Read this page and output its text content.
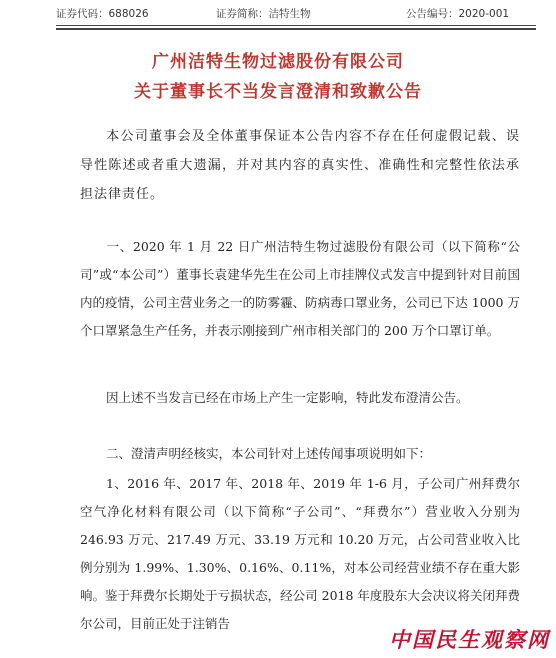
证券代码：688026	证券简称：洁特生物	公告编号：2020-001
广州洁特生物过滤股份有限公司
关于董事长不当发言澄清和致歉公告
本公司董事会及全体董事保证本公告内容不存在任何虚假记载、误导性陈述或者重大遗漏，并对其内容的真实性、准确性和完整性依法承担法律责任。
一、2020 年 1 月 22 日广州洁特生物过滤股份有限公司（以下简称“公司”或“本公司”）董事长袁建华先生在公司上市挂牌仪式发言中提到针对目前国内的疫情，公司主营业务之一的防雾霾、防病毒口罩业务，公司已下达 1000 万个口罩紧急生产任务，并表示刚接到广州市相关部门的 200 万个口罩订单。
因上述不当发言已经在市场上产生一定影响，特此发布澄清公告。
二、澄清声明经核实，本公司针对上述传闻事项说明如下：
1、2016 年、2017 年、2018 年、2019 年 1-6 月，子公司广州拜费尔空气净化材料有限公司（以下简称“子公司”、“拜费尔”）营业收入分别为 246.93 万元、217.49 万元、33.19 万元和 10.20 万元，占公司营业收入比例分别为 1.99%、1.30%、0.16%、0.11%，对本公司经营业绩不存在重大影响。鉴于拜费尔长期处于亏损状态，经公司 2018 年度股东大会决议将关闭拜费尔公司，目前正处于注销告
中国民生观察网
